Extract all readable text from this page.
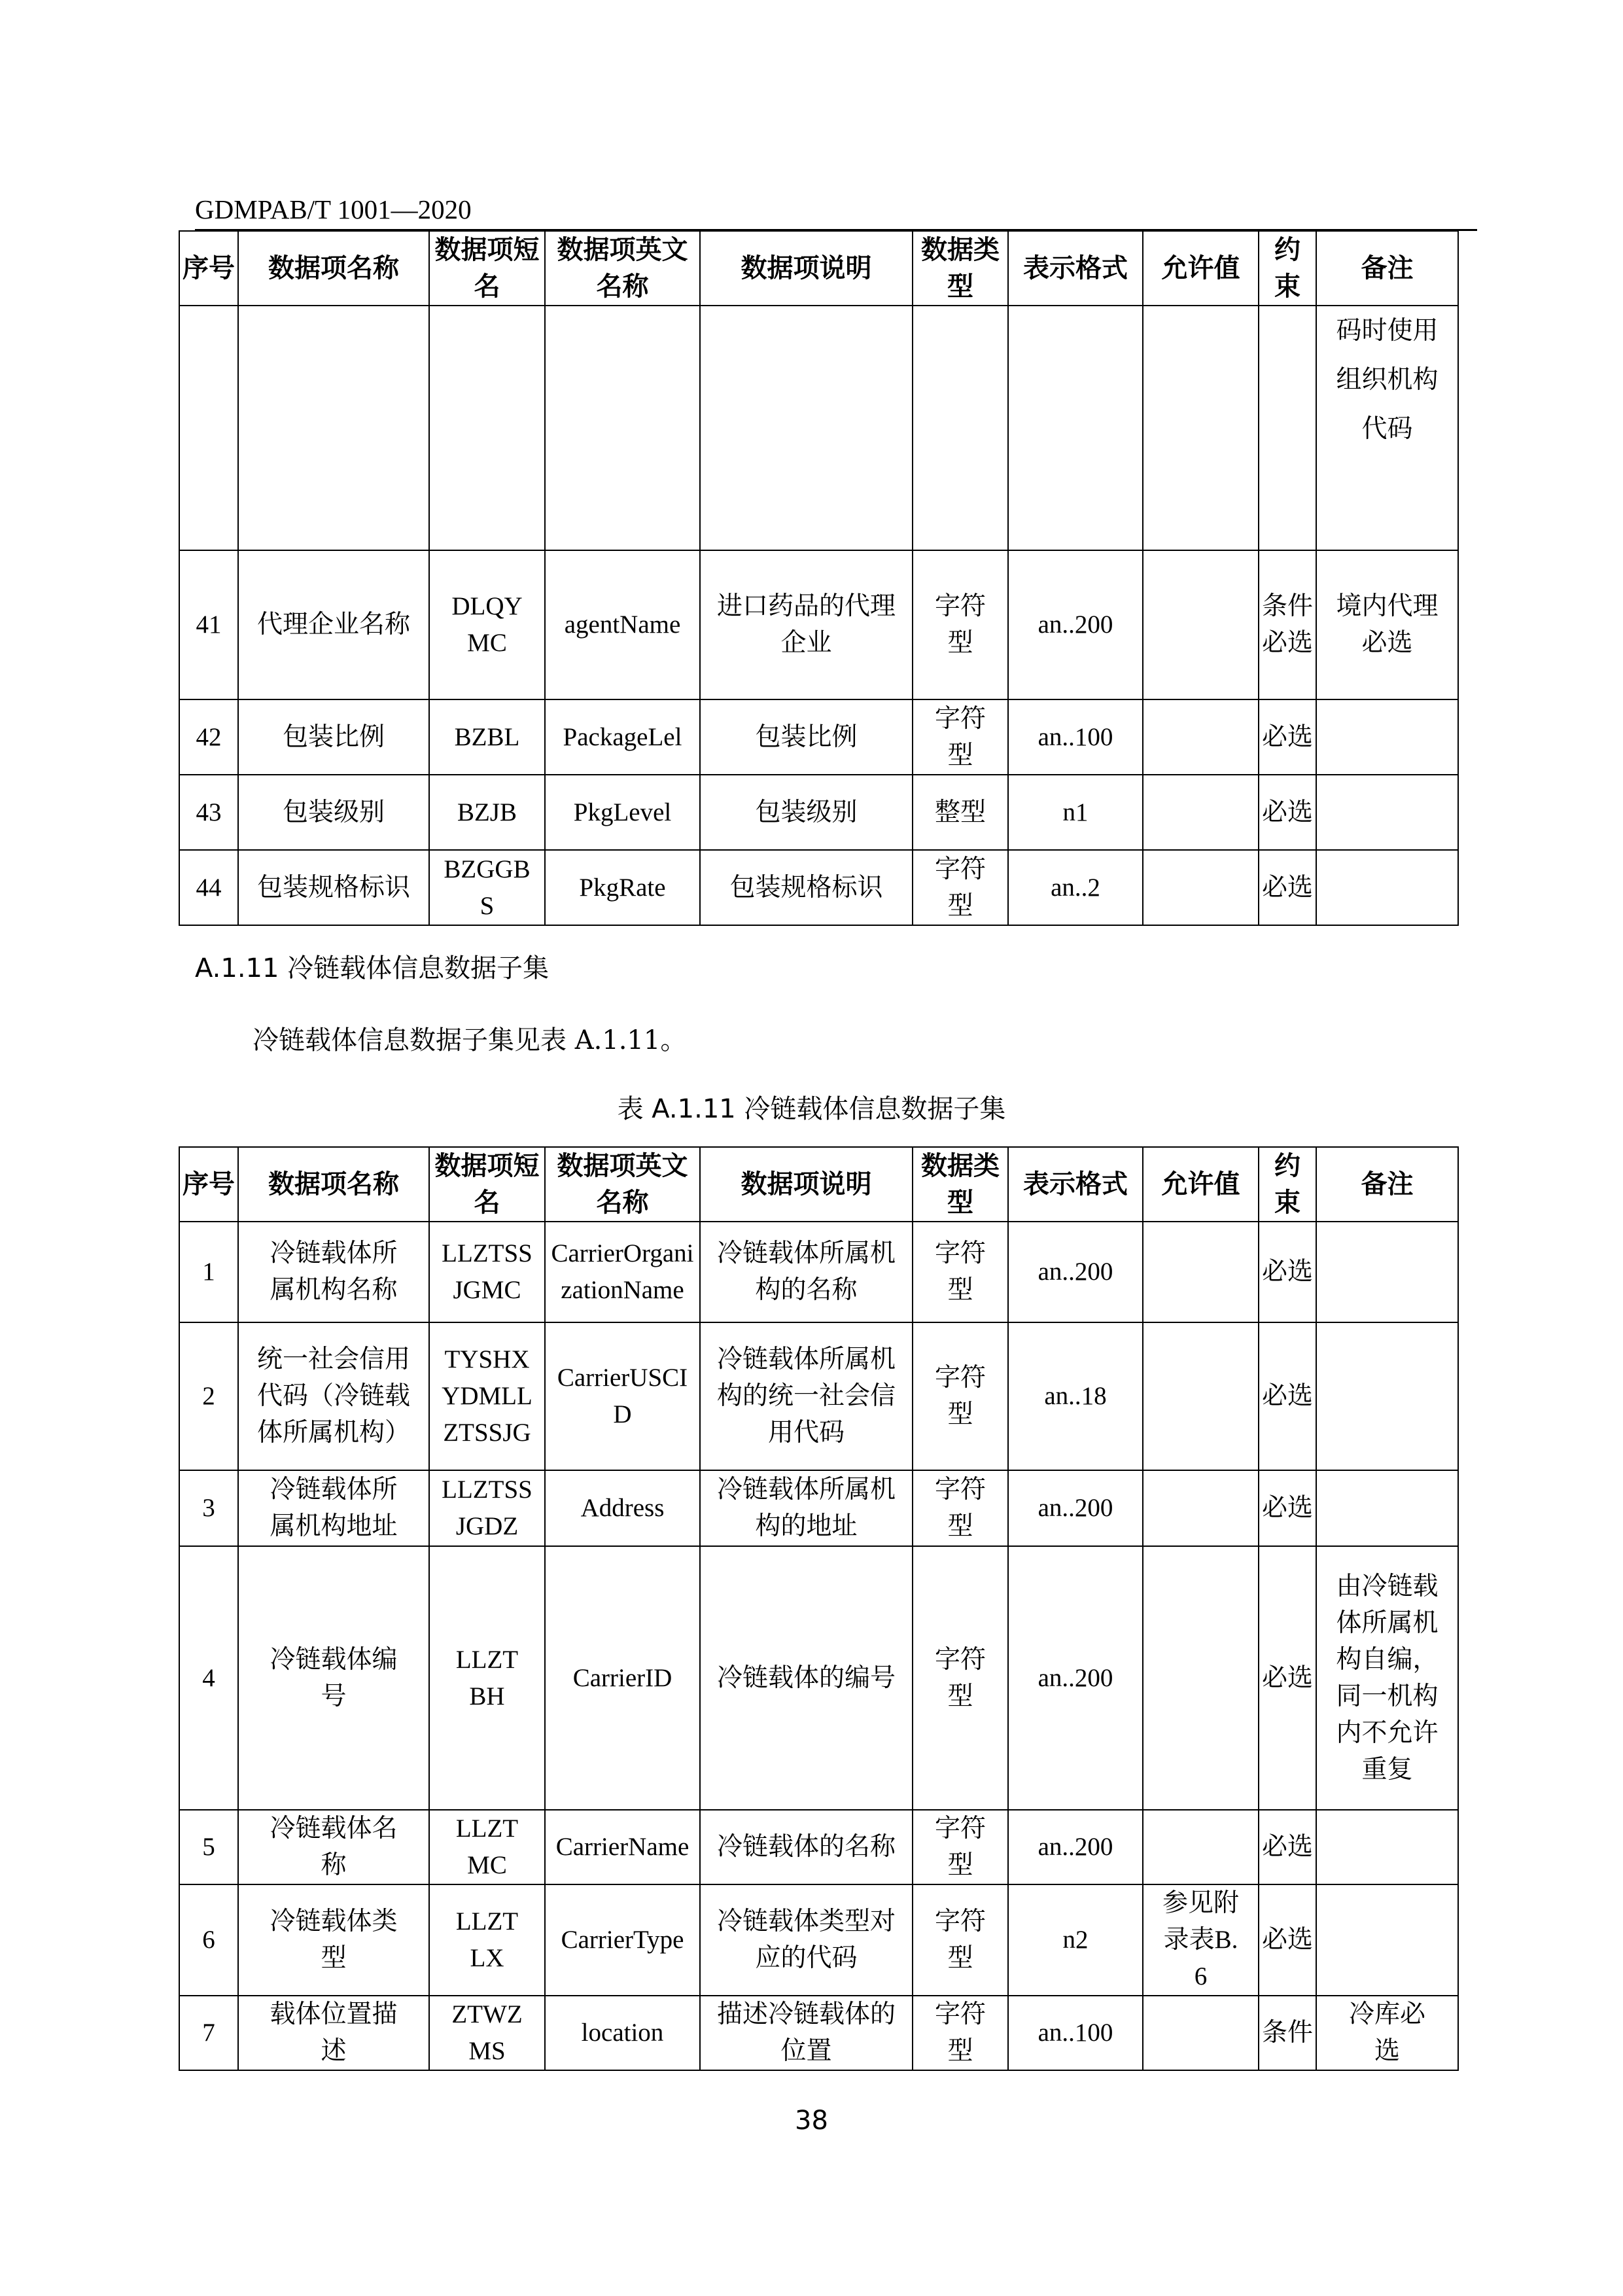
GDMPAB/T 1001—2020
序号	数据项名称	数据项短名	数据项英文名称	数据项说明	数据类型	表示格式	允许值	约束	备注
									码时使用组织机构代码
41	代理企业名称	DLQYMC	agentName	进口药品的代理企业	字符型	an..200		条件必选	境内代理必选
42	包装比例	BZBL	PackageLel	包装比例	字符型	an..100		必选	
43	包装级别	BZJB	PkgLevel	包装级别	整型	n1		必选	
44	包装规格标识	BZGGBS	PkgRate	包装规格标识	字符型	an..2		必选	
A.1.11 冷链载体信息数据子集
冷链载体信息数据子集见表 A.1.11。
表 A.1.11 冷链载体信息数据子集
序号	数据项名称	数据项短名	数据项英文名称	数据项说明	数据类型	表示格式	允许值	约束	备注
1	冷链载体所属机构名称	LLZTSSJGMC	CarrierOrganizationName	冷链载体所属机构的名称	字符型	an..200		必选	
2	统一社会信用代码（冷链载体所属机构）	TYSHXYDMLLZTSSJG	CarrierUSCID	冷链载体所属机构的统一社会信用代码	字符型	an..18		必选	
3	冷链载体所属机构地址	LLZTSSJGDZ	Address	冷链载体所属机构的地址	字符型	an..200		必选	
4	冷链载体编号	LLZTBH	CarrierID	冷链载体的编号	字符型	an..200		必选	由冷链载体所属机构自编，同一机构内不允许重复
5	冷链载体名称	LLZTMC	CarrierName	冷链载体的名称	字符型	an..200		必选	
6	冷链载体类型	LLZTLX	CarrierType	冷链载体类型对应的代码	字符型	n2	参见附录表B.6	必选	
7	载体位置描述	ZTWZMS	location	描述冷链载体的位置	字符型	an..100		条件	冷库必选
38
